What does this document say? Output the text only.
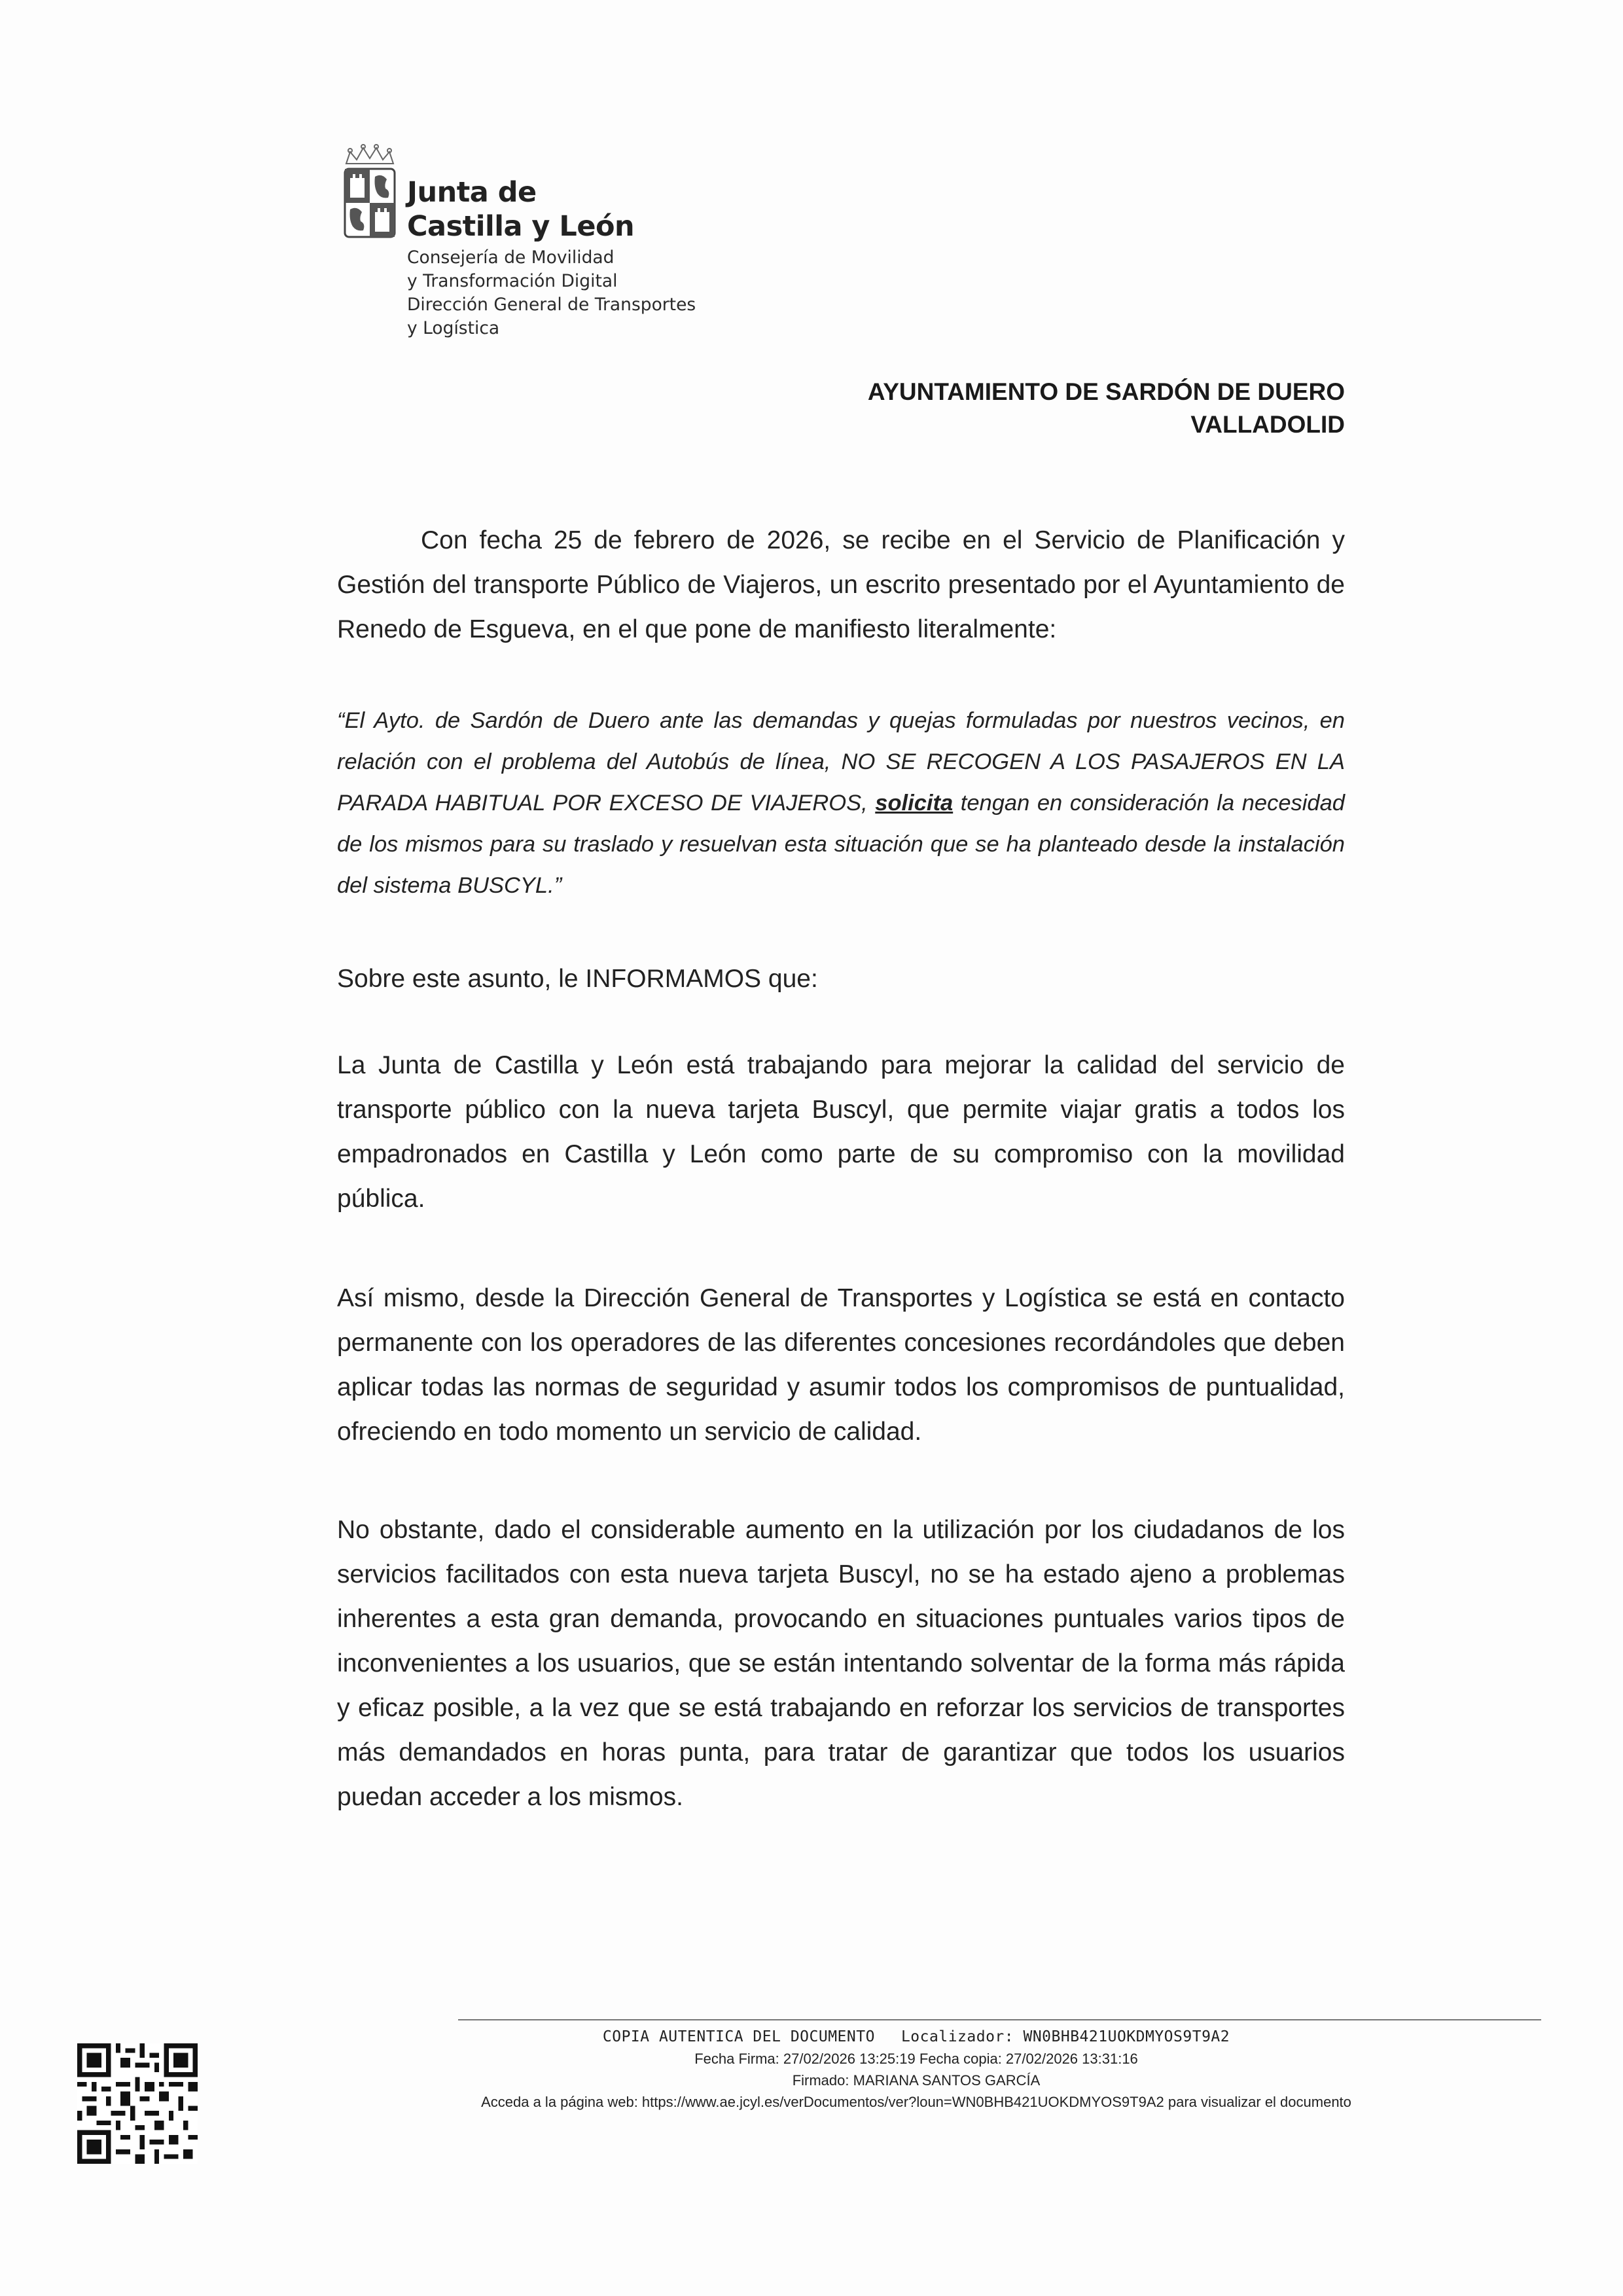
Junta de
Castilla y León
Consejería de Movilidad
y Transformación Digital
Dirección General de Transportes
y Logística
AYUNTAMIENTO DE SARDÓN DE DUERO
VALLADOLID
Con fecha 25 de febrero de 2026, se recibe en el Servicio de Planificación y Gestión del transporte Público de Viajeros, un escrito presentado por el Ayuntamiento de Renedo de Esgueva, en el que pone de manifiesto literalmente:
“El Ayto. de Sardón de Duero ante las demandas y quejas formuladas por nuestros vecinos, en relación con el problema del Autobús de línea, NO SE RECOGEN A LOS PASAJEROS EN LA PARADA HABITUAL POR EXCESO DE VIAJEROS, solicita tengan en consideración la necesidad de los mismos para su traslado y resuelvan esta situación que se ha planteado desde la instalación del sistema BUSCYL.”
Sobre este asunto, le INFORMAMOS que:
La Junta de Castilla y León está trabajando para mejorar la calidad del servicio de transporte público con la nueva tarjeta Buscyl, que permite viajar gratis a todos los empadronados en Castilla y León como parte de su compromiso con la movilidad pública.
Así mismo, desde la Dirección General de Transportes y Logística se está en contacto permanente con los operadores de las diferentes concesiones recordándoles que deben aplicar todas las normas de seguridad y asumir todos los compromisos de puntualidad, ofreciendo en todo momento un servicio de calidad.
No obstante, dado el considerable aumento en la utilización por los ciudadanos de los servicios facilitados con esta nueva tarjeta Buscyl, no se ha estado ajeno a problemas inherentes a esta gran demanda, provocando en situaciones puntuales varios tipos de inconvenientes a los usuarios, que se están intentando solventar de la forma más rápida y eficaz posible, a la vez que se está trabajando en reforzar los servicios de transportes más demandados en horas punta, para tratar de garantizar que todos los usuarios puedan acceder a los mismos.
COPIA AUTENTICA DEL DOCUMENTO Localizador: WN0BHB421UOKDMYOS9T9A2
Fecha Firma: 27/02/2026 13:25:19 Fecha copia: 27/02/2026 13:31:16
Firmado: MARIANA SANTOS GARCÍA
Acceda a la página web: https://www.ae.jcyl.es/verDocumentos/ver?loun=WN0BHB421UOKDMYOS9T9A2 para visualizar el documento
